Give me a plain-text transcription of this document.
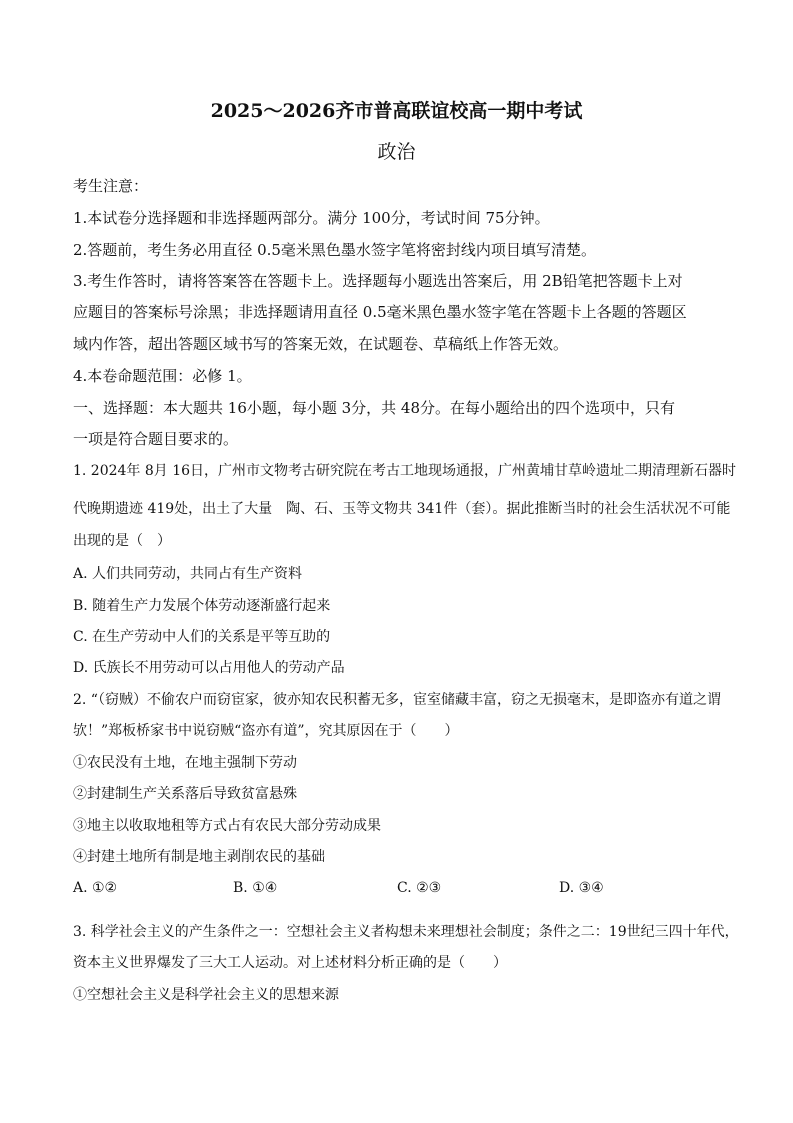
2025～2026齐市普高联谊校高一期中考试
政治
考生注意：
1.本试卷分选择题和非选择题两部分。满分 100分，考试时间 75分钟。
2.答题前，考生务必用直径 0.5毫米黑色墨水签字笔将密封线内项目填写清楚。
3.考生作答时，请将答案答在答题卡上。选择题每小题选出答案后，用 2B铅笔把答题卡上对
应题目的答案标号涂黑；非选择题请用直径 0.5毫米黑色墨水签字笔在答题卡上各题的答题区
域内作答，超出答题区域书写的答案无效，在试题卷、草稿纸上作答无效。
4.本卷命题范围：必修 1。
一、选择题：本大题共 16小题，每小题 3分，共 48分。在每小题给出的四个选项中，只有
一项是符合题目要求的。
1. 2024年 8月 16日，广州市文物考古研究院在考古工地现场通报，广州黄埔甘草岭遗址二期清理新石器时
代晚期遗迹 419处，出土了大量　陶、石、玉等文物共 341件（套）。据此推断当时的社会生活状况不可能
出现的是（　）
A. 人们共同劳动，共同占有生产资料
B. 随着生产力发展个体劳动逐渐盛行起来
C. 在生产劳动中人们的关系是平等互助的
D. 氏族长不用劳动可以占用他人的劳动产品
2. “（窃贼）不偷农户而窃宦家，彼亦知农民积蓄无多，宦室储藏丰富，窃之无损毫末，是即盗亦有道之谓
欤！”郑板桥家书中说窃贼“盗亦有道”，究其原因在于（　　）
①农民没有土地，在地主强制下劳动
②封建制生产关系落后导致贫富悬殊
③地主以收取地租等方式占有农民大部分劳动成果
④封建土地所有制是地主剥削农民的基础
A. ①②	B. ①④	C. ②③	D. ③④
3. 科学社会主义的产生条件之一：空想社会主义者构想未来理想社会制度；条件之二：19世纪三四十年代，
资本主义世界爆发了三大工人运动。对上述材料分析正确的是（　　）
①空想社会主义是科学社会主义的思想来源
